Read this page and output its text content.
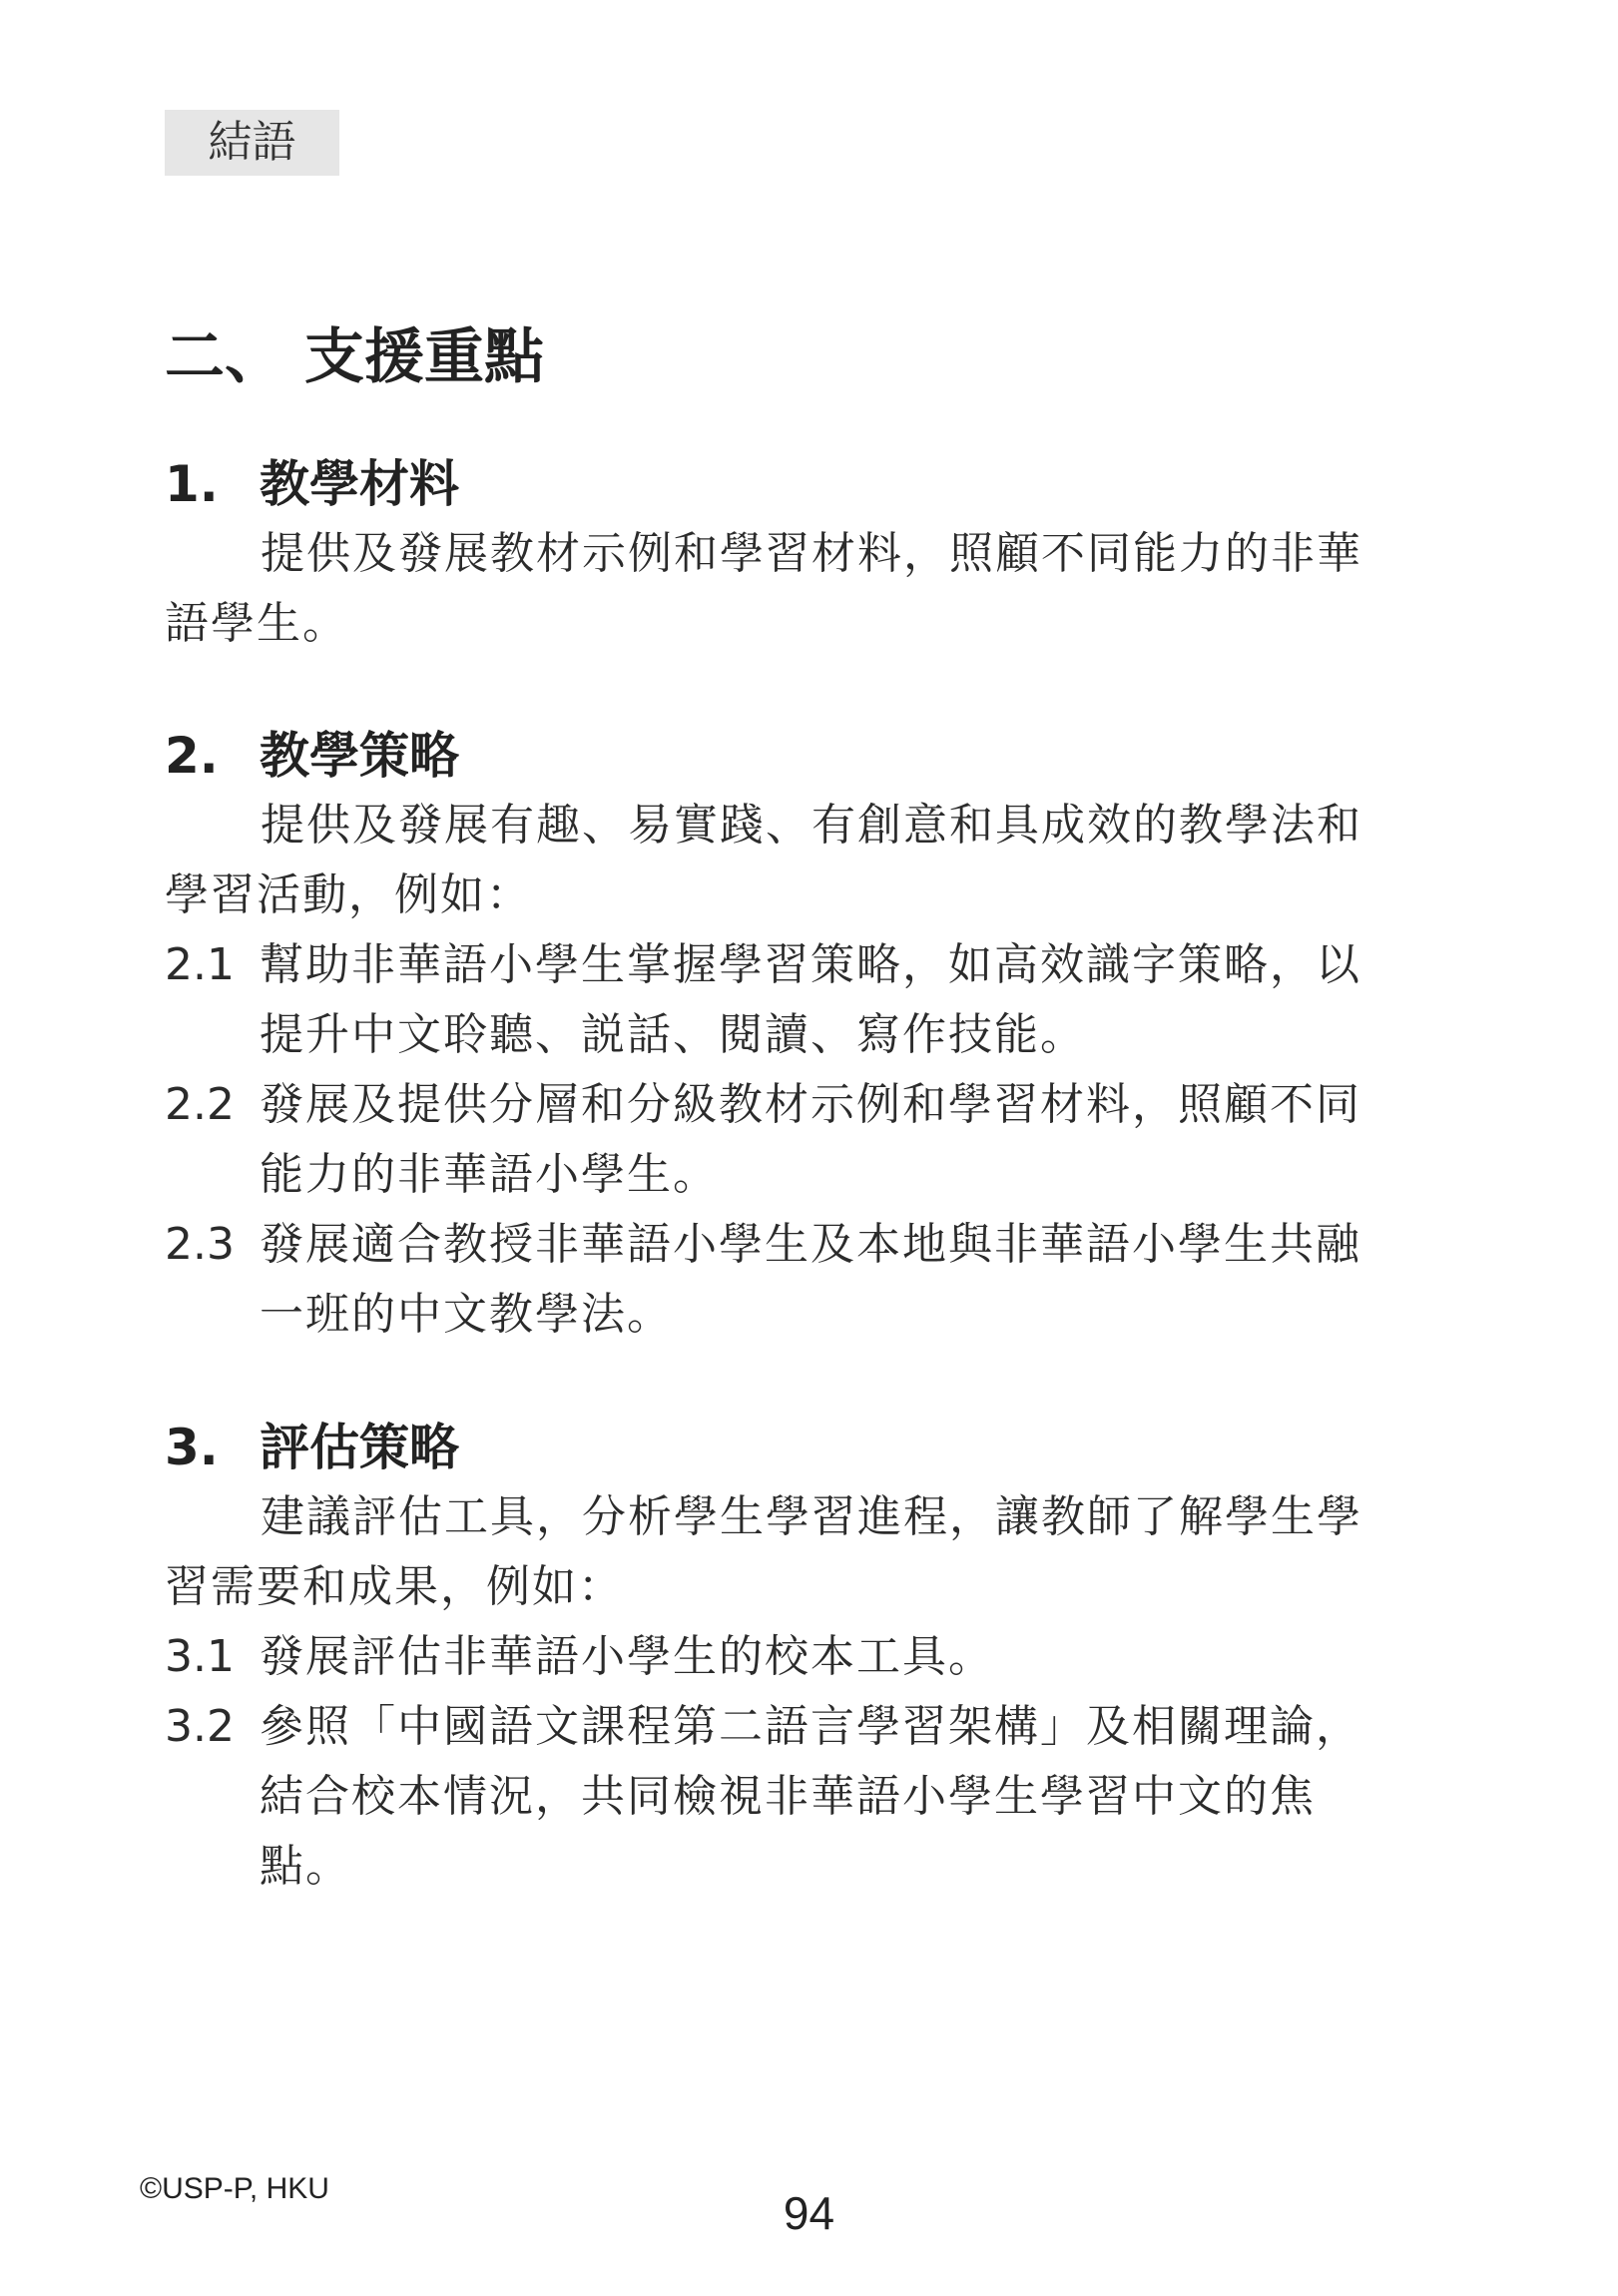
結語
二、 支援重點
1. 教學材料
提供及發展教材示例和學習材料，照顧不同能力的非華語學生。
2. 教學策略
提供及發展有趣、易實踐、有創意和具成效的教學法和學習活動，例如：
2.1 幫助非華語小學生掌握學習策略，如高效識字策略，以提升中文聆聽、説話、閱讀、寫作技能。
2.2 發展及提供分層和分級教材示例和學習材料，照顧不同能力的非華語小學生。
2.3 發展適合教授非華語小學生及本地與非華語小學生共融一班的中文教學法。
3. 評估策略
建議評估工具，分析學生學習進程，讓教師了解學生學習需要和成果，例如：
3.1 發展評估非華語小學生的校本工具。
3.2 參照「中國語文課程第二語言學習架構」及相關理論，結合校本情況，共同檢視非華語小學生學習中文的焦點。
©USP-P, HKU	94
